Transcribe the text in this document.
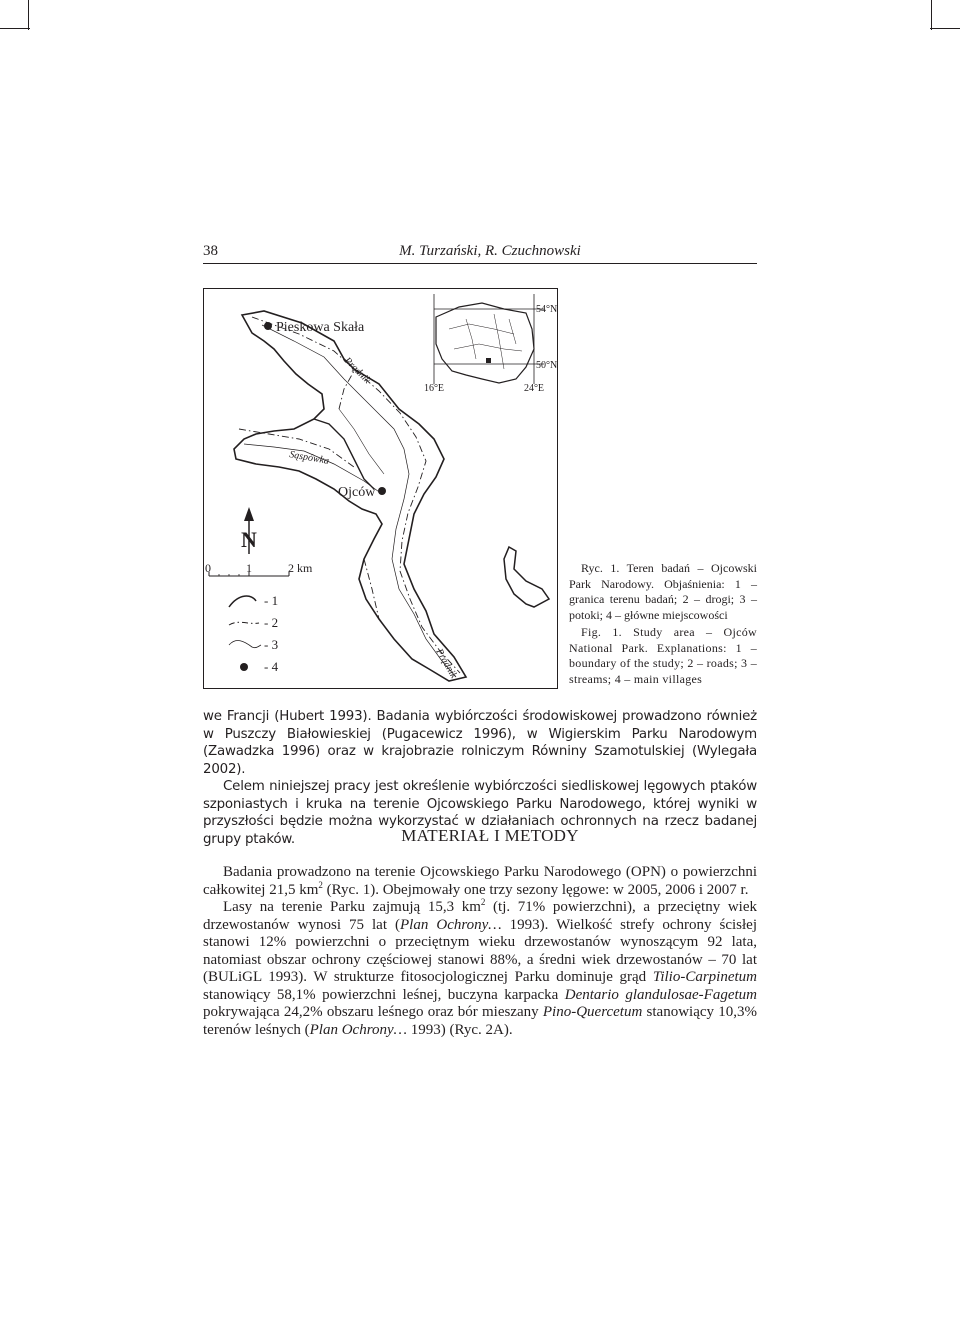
38	M. Turzański, R. Czuchnowski
Pieskowa Skała
Ojców
Prądnik
Prądnik
Sąspówka
54°N
50°N
16°E	24°E
N
0	1	2 km
- 1
- 2
- 3
- 4

Ryc. 1. Teren badań – Ojcowski Park Narodowy. Objaśnienia: 1 – granica terenu badań; 2 – drogi; 3 – potoki; 4 – główne miejscowości

Fig. 1. Study area – Ojców National Park. Explanations: 1 – boundary of the study; 2 – roads; 3 – streams; 4 – main villages

we Francji (Hubert 1993). Badania wybiórczości środowiskowej prowadzono również w Puszczy Białowieskiej (Pugacewicz 1996), w Wigierskim Parku Narodowym (Zawadzka 1996) oraz w krajobrazie rolniczym Równiny Szamotulskiej (Wylegała 2002).

Celem niniejszej pracy jest określenie wybiórczości siedliskowej lęgowych ptaków szponiastych i kruka na terenie Ojcowskiego Parku Narodowego, której wyniki w przyszłości będzie można wykorzystać w działaniach ochronnych na rzecz badanej grupy ptaków.	MATERIAŁ I METODY

Badania prowadzono na terenie Ojcowskiego Parku Narodowego (OPN) o powierzchni całkowitej 21,5 $km^2$ (Ryc. 1). Obejmowały one trzy sezony lęgowe: w 2005, 2006 i 2007 r.

Lasy na terenie Parku zajmują 15,3 $km^2$ (tj. 71% powierzchni), a przeciętny wiek drzewostanów wynosi 75 lat (Plan Ochrony… 1993). Wielkość strefy ochrony ścisłej stanowi 12% powierzchni o przeciętnym wieku drzewostanów wynoszącym 92 lata, natomiast obszar ochrony częściowej stanowi 88%, a średni wiek drzewostanów – 70 lat (BULiGL 1993). W strukturze fitosocjologicznej Parku dominuje grąd Tilio-Carpinetum stanowiący 58,1% powierzchni leśnej, buczyna karpacka Dentario glandulosae-Fagetum pokrywająca 24,2% obszaru leśnego oraz bór mieszany Pino-Quercetum stanowiący 10,3% terenów leśnych (Plan Ochrony… 1993) (Ryc. 2A).
